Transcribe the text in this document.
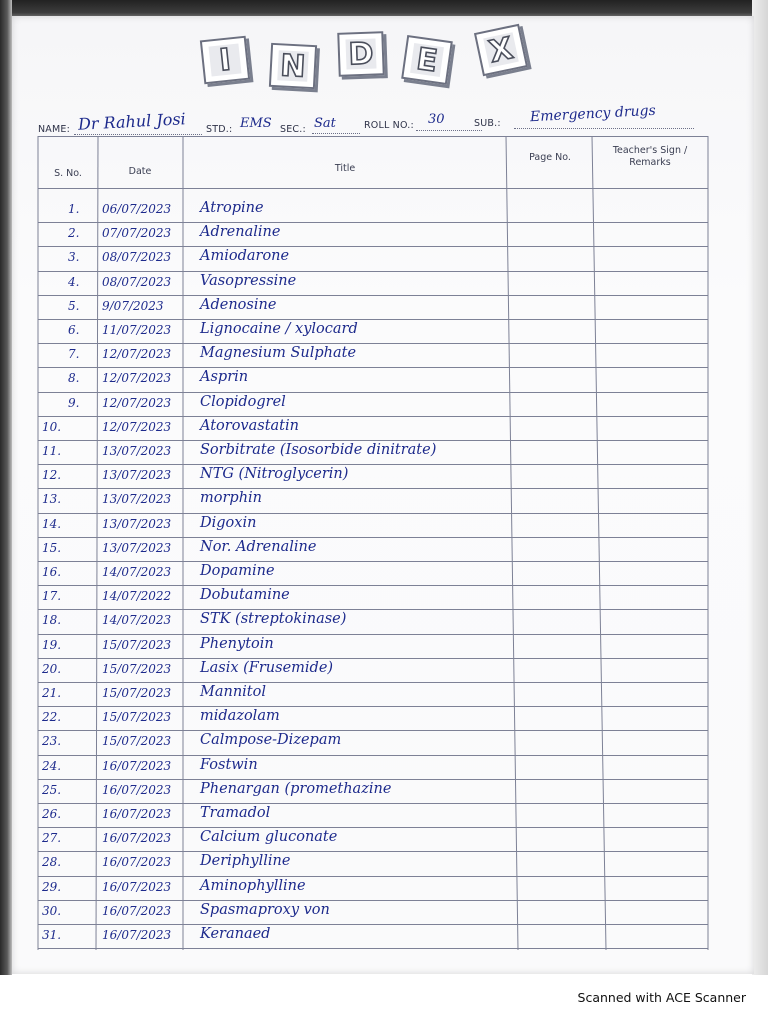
I	N D E X
NAME: Dr Rahul Josi STD.: EMS SEC.: Sat	ROLL NO.: 30	SUB.: Emergency drugs
S. No.	Date	Title
Page No.
Teacher's Sign / Remarks
1. 06/07/2023 Atropine
2. 07/07/2023 Adrenaline
3. 08/07/2023 Amiodarone
4. 08/07/2023 Vasopressine
5. 9/07/2023	Adenosine
6. 11/07/2023 Lignocaine / xylocard
7. 12/07/2023 Magnesium Sulphate
8. 12/07/2023 Asprin
9. 12/07/2023 Clopidogrel
10.	12/07/2023 Atorovastatin
11.	13/07/2023 Sorbitrate (Isosorbide dinitrate)
12.	13/07/2023 NTG (Nitroglycerin)
13.	13/07/2023 morphin
14.	13/07/2023 Digoxin
15.	13/07/2023 Nor. Adrenaline
16.	14/07/2023 Dopamine
17.	14/07/2022 Dobutamine
18.	14/07/2023 STK (streptokinase)
19.	15/07/2023 Phenytoin
20.	15/07/2023 Lasix (Frusemide)
21.	15/07/2023 Mannitol
22.	15/07/2023 midazolam
23.	15/07/2023 Calmpose-Dizepam
24.	16/07/2023 Fostwin
25.	16/07/2023 Phenargan (promethazine
26.	16/07/2023 Tramadol
27.	16/07/2023 Calcium gluconate
28.	16/07/2023 Deriphylline
29.	16/07/2023 Aminophylline
30.	16/07/2023 Spasmaproxy von
31.	16/07/2023 Keranaed
Scanned with ACE Scanner
